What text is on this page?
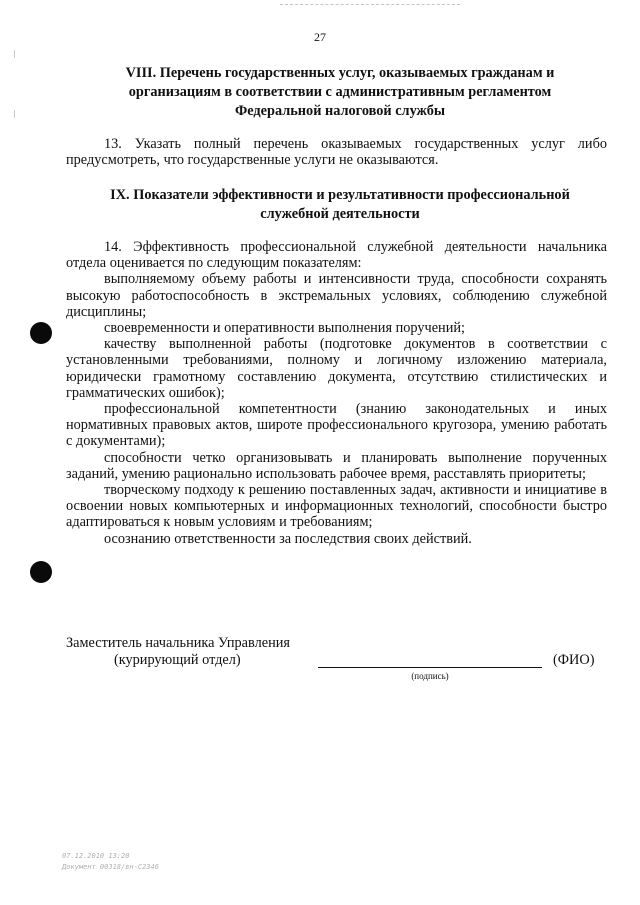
27
VIII. Перечень государственных услуг, оказываемых гражданам и организациям в соответствии с административным регламентом Федеральной налоговой службы

13. Указать полный перечень оказываемых государственных услуг либо предусмотреть, что государственные услуги не оказываются.

IX. Показатели эффективности и результативности профессиональной служебной деятельности

14. Эффективность профессиональной служебной деятельности начальника отдела оценивается по следующим показателям:

выполняемому объему работы и интенсивности труда, способности сохранять высокую работоспособность в экстремальных условиях, соблюдению служебной дисциплины;

своевременности и оперативности выполнения поручений;

качеству выполненной работы (подготовке документов в соответствии с установленными требованиями, полному и логичному изложению материала, юридически грамотному составлению документа, отсутствию стилистических и грамматических ошибок);

профессиональной компетентности (знанию законодательных и иных нормативных правовых актов, широте профессионального кругозора, умению работать с документами);

способности четко организовывать и планировать выполнение порученных заданий, умению рационально использовать рабочее время, расставлять приоритеты;

творческому подходу к решению поставленных задач, активности и инициативе в освоении новых компьютерных и информационных технологий, способности быстро адаптироваться к новым условиям и требованиям;

осознанию ответственности за последствия своих действий.

Заместитель начальника Управления
(курирующий отдел)
(подпись)
(ФИО)
07.12.2010 13:20
Документ 00318/вн-С2346
